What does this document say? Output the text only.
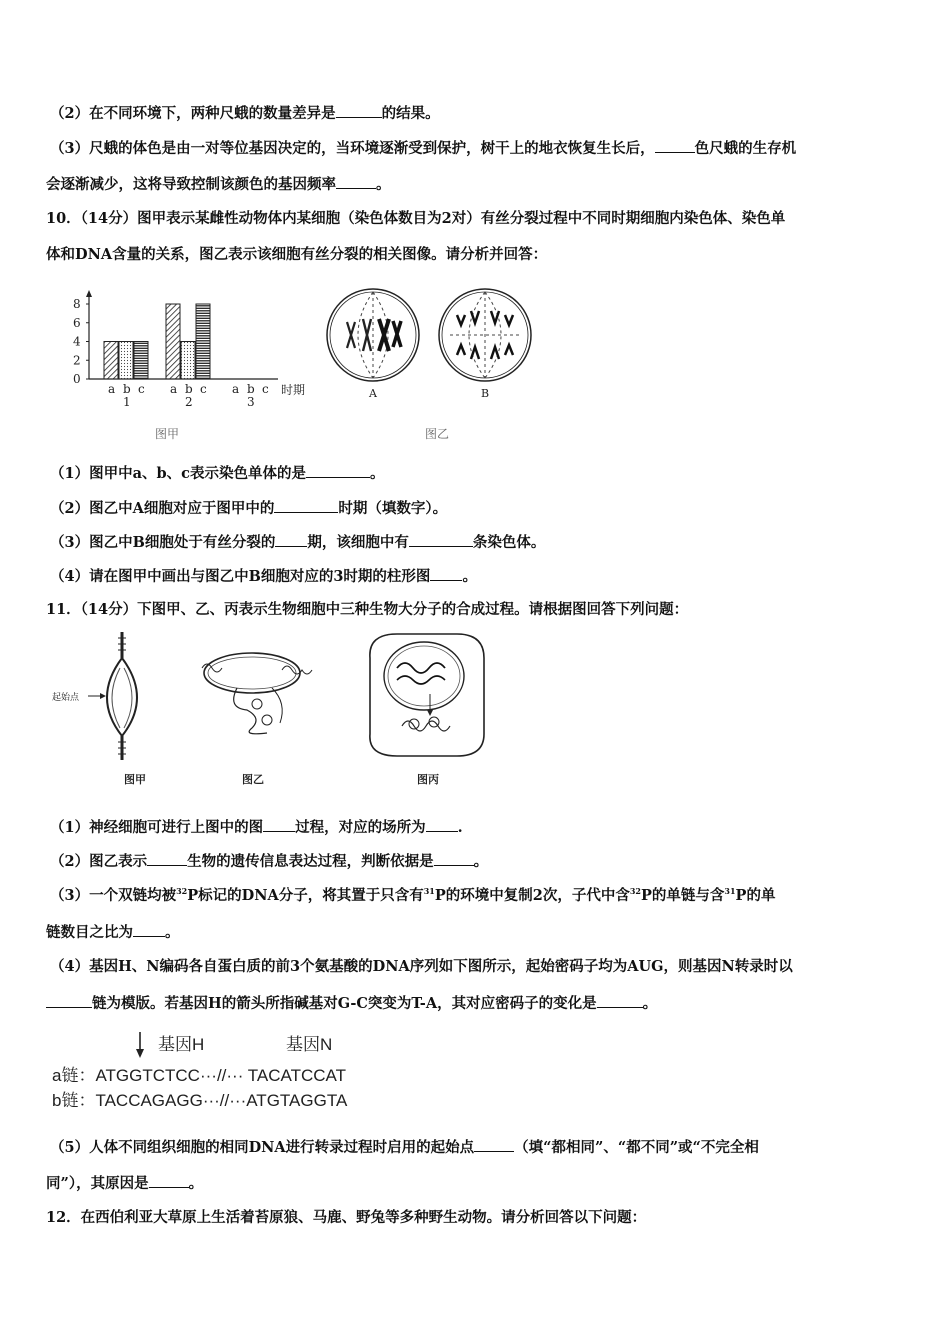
（2）在不同环境下，两种尺蛾的数量差异是	的结果。
（3）尺蛾的体色是由一对等位基因决定的，当环境逐渐受到保护，树干上的地衣恢复生长后，	色尺蛾的生存机
会逐渐减少，这将导致控制该颜色的基因频率	。
10．（14分）图甲表示某雌性动物体内某细胞（染色体数目为2对）有丝分裂过程中不同时期细胞内染色体、染色单
体和DNA含量的关系，图乙表示该细胞有丝分裂的相关图像。请分析并回答：
0
2
4
6
8
a b c
1
a b c
2
a b c
3
时期
图甲
A	B
图乙
（1）图甲中a、b、c表示染色单体的是	。
（2）图乙中A细胞对应于图甲中的	时期（填数字）。
（3）图乙中B细胞处于有丝分裂的 期，该细胞中有	条染色体。
（4）请在图甲中画出与图乙中B细胞对应的3时期的柱形图 。
11．（14分）下图甲、乙、丙表示生物细胞中三种生物大分子的合成过程。请根据图回答下列问题：
起始点
图甲	图乙	图丙
（1）神经细胞可进行上图中的图 过程，对应的场所为 .
（2）图乙表示	生物的遗传信息表达过程，判断依据是	。
（3）一个双链均被$^{32}$P标记的DNA分子，将其置于只含有$^{31}$P的环境中复制2次，子代中含$^{32}$P的单链与含$^{31}$P的单
链数目之比为 。
（4）基因H、N编码各自蛋白质的前3个氨基酸的DNA序列如下图所示，起始密码子均为AUG，则基因N转录时以
链为模版。若基因H的箭头所指碱基对G-C突变为T-A，其对应密码子的变化是	。
基因H	基因N
a链：ATGGTCTCC···//··· TACATCCAT
b链：TACCAGAGG···//···ATGTAGGTA
（5）人体不同组织细胞的相同DNA进行转录过程时启用的起始点	（填“都相同”、“都不同”或“不完全相
同”），其原因是	。
12．在西伯利亚大草原上生活着苔原狼、马鹿、野兔等多种野生动物。请分析回答以下问题：
